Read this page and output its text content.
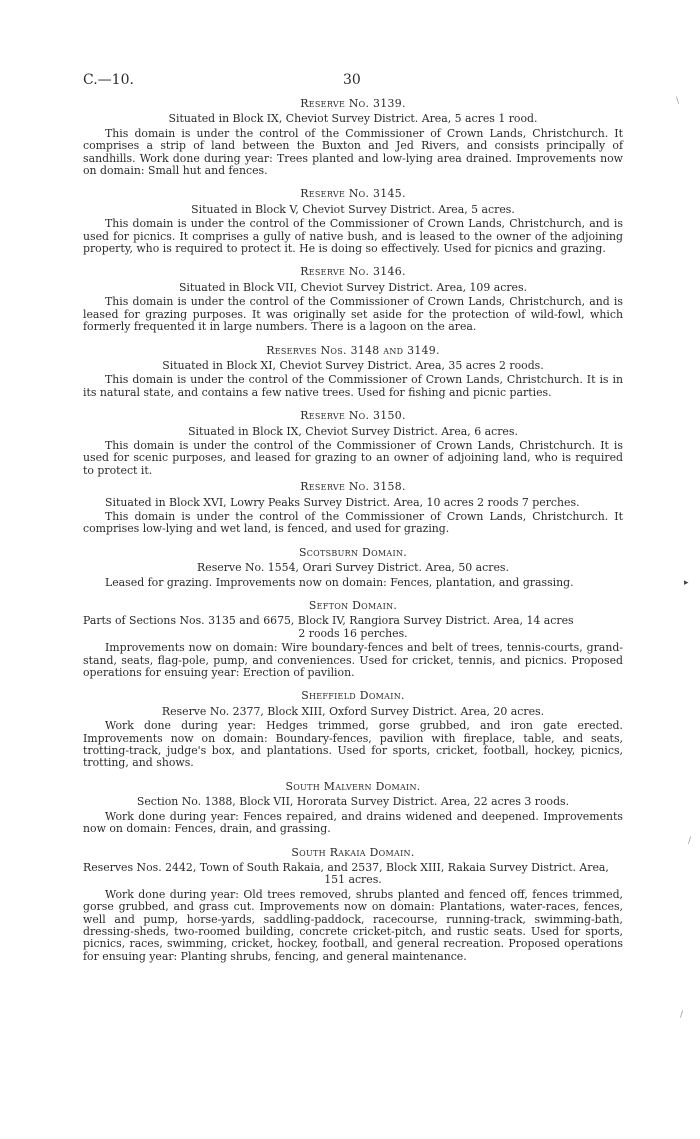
C.—10.	30
Reserve No. 3139.
Situated in Block IX, Cheviot Survey District. Area, 5 acres 1 rood.

This domain is under the control of the Commissioner of Crown Lands, Christchurch. It comprises a strip of land between the Buxton and Jed Rivers, and consists principally of sandhills. Work done during year: Trees planted and low-lying area drained. Improvements now on domain: Small hut and fences.

Reserve No. 3145.
Situated in Block V, Cheviot Survey District. Area, 5 acres.

This domain is under the control of the Commissioner of Crown Lands, Christchurch, and is used for picnics. It comprises a gully of native bush, and is leased to the owner of the adjoining property, who is required to protect it. He is doing so effectively. Used for picnics and grazing.

Reserve No. 3146.
Situated in Block VII, Cheviot Survey District. Area, 109 acres.

This domain is under the control of the Commissioner of Crown Lands, Christchurch, and is leased for grazing purposes. It was originally set aside for the protection of wild-fowl, which formerly frequented it in large numbers. There is a lagoon on the area.

Reserves Nos. 3148 and 3149.
Situated in Block XI, Cheviot Survey District. Area, 35 acres 2 roods.

This domain is under the control of the Commissioner of Crown Lands, Christchurch. It is in its natural state, and contains a few native trees. Used for fishing and picnic parties.

Reserve No. 3150.
Situated in Block IX, Cheviot Survey District. Area, 6 acres.

This domain is under the control of the Commissioner of Crown Lands, Christchurch. It is used for scenic purposes, and leased for grazing to an owner of adjoining land, who is required to protect it.

Reserve No. 3158.
Situated in Block XVI, Lowry Peaks Survey District. Area, 10 acres 2 roods 7 perches.

This domain is under the control of the Commissioner of Crown Lands, Christchurch. It comprises low-lying and wet land, is fenced, and used for grazing.

Scotsburn Domain.
Reserve No. 1554, Orari Survey District. Area, 50 acres.

Leased for grazing. Improvements now on domain: Fences, plantation, and grassing.

Sefton Domain.

Parts of Sections Nos. 3135 and 6675, Block IV, Rangiora Survey District. Area, 14 acres

2 roods 16 perches.

Improvements now on domain: Wire boundary-fences and belt of trees, tennis-courts, grand-stand, seats, flag-pole, pump, and conveniences. Used for cricket, tennis, and picnics. Proposed operations for ensuing year: Erection of pavilion.

Sheffield Domain.
Reserve No. 2377, Block XIII, Oxford Survey District. Area, 20 acres.

Work done during year: Hedges trimmed, gorse grubbed, and iron gate erected. Improvements now on domain: Boundary-fences, pavilion with fireplace, table, and seats, trotting-track, judge's box, and plantations. Used for sports, cricket, football, hockey, picnics, trotting, and shows.

South Malvern Domain.
Section No. 1388, Block VII, Hororata Survey District. Area, 22 acres 3 roods.

Work done during year: Fences repaired, and drains widened and deepened. Improvements now on domain: Fences, drain, and grassing.

South Rakaia Domain.

Reserves Nos. 2442, Town of South Rakaia, and 2537, Block XIII, Rakaia Survey District. Area,

151 acres.

Work done during year: Old trees removed, shrubs planted and fenced off, fences trimmed, gorse grubbed, and grass cut. Improvements now on domain: Plantations, water-races, fences, well and pump, horse-yards, saddling-paddock, racecourse, running-track, swimming-bath, dressing-sheds, two-roomed building, concrete cricket-pitch, and rustic seats. Used for sports, picnics, races, swimming, cricket, hockey, football, and general recreation. Proposed operations for ensuing year: Planting shrubs, fencing, and general maintenance.

\
▸
/
/
